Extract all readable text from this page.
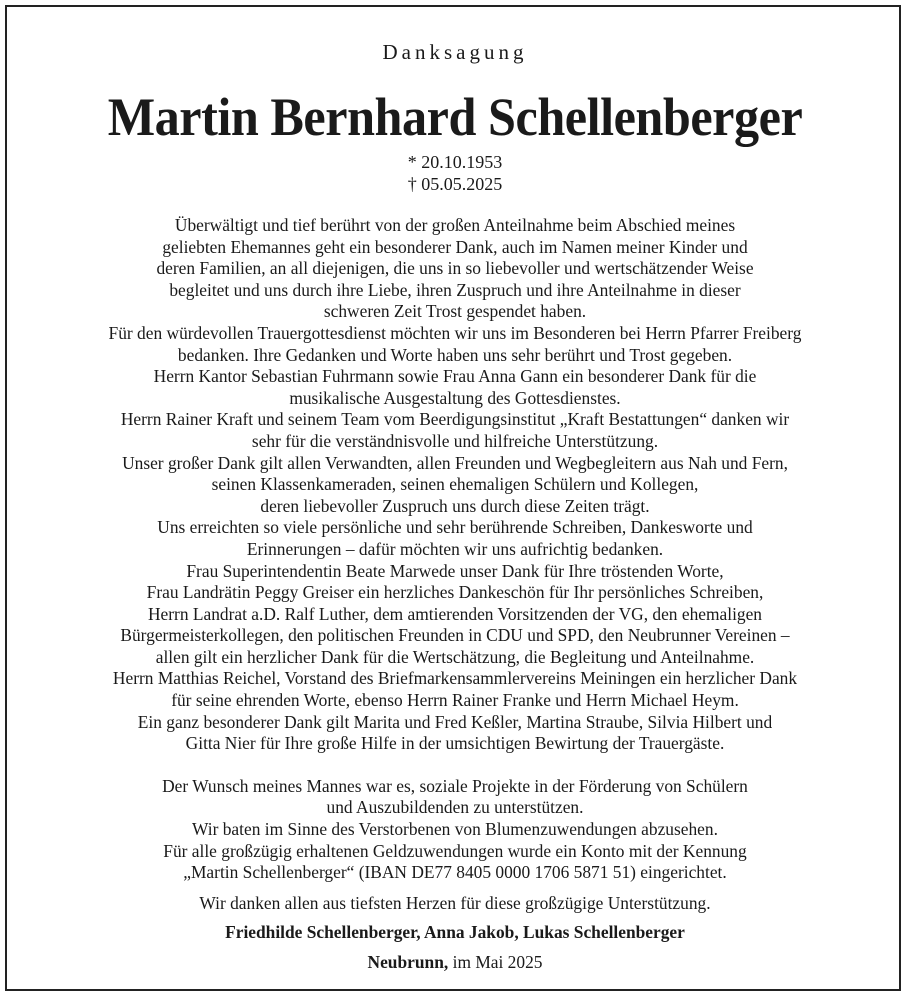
Danksagung
Martin Bernhard Schellenberger
* 20.10.1953
† 05.05.2025
Überwältigt und tief berührt von der großen Anteilnahme beim Abschied meines
geliebten Ehemannes geht ein besonderer Dank, auch im Namen meiner Kinder und
deren Familien, an all diejenigen, die uns in so liebevoller und wertschätzender Weise
begleitet und uns durch ihre Liebe, ihren Zuspruch und ihre Anteilnahme in dieser
schweren Zeit Trost gespendet haben.
Für den würdevollen Trauergottesdienst möchten wir uns im Besonderen bei Herrn Pfarrer Freiberg
bedanken. Ihre Gedanken und Worte haben uns sehr berührt und Trost gegeben.
Herrn Kantor Sebastian Fuhrmann sowie Frau Anna Gann ein besonderer Dank für die
musikalische Ausgestaltung des Gottesdienstes.
Herrn Rainer Kraft und seinem Team vom Beerdigungsinstitut „Kraft Bestattungen“ danken wir
sehr für die verständnisvolle und hilfreiche Unterstützung.
Unser großer Dank gilt allen Verwandten, allen Freunden und Wegbegleitern aus Nah und Fern,
seinen Klassenkameraden, seinen ehemaligen Schülern und Kollegen,
deren liebevoller Zuspruch uns durch diese Zeiten trägt.
Uns erreichten so viele persönliche und sehr berührende Schreiben, Dankesworte und
Erinnerungen – dafür möchten wir uns aufrichtig bedanken.
Frau Superintendentin Beate Marwede unser Dank für Ihre tröstenden Worte,
Frau Landrätin Peggy Greiser ein herzliches Dankeschön für Ihr persönliches Schreiben,
Herrn Landrat a.D. Ralf Luther, dem amtierenden Vorsitzenden der VG, den ehemaligen
Bürgermeisterkollegen, den politischen Freunden in CDU und SPD, den Neubrunner Vereinen –
allen gilt ein herzlicher Dank für die Wertschätzung, die Begleitung und Anteilnahme.
Herrn Matthias Reichel, Vorstand des Briefmarkensammlervereins Meiningen ein herzlicher Dank
für seine ehrenden Worte, ebenso Herrn Rainer Franke und Herrn Michael Heym.
Ein ganz besonderer Dank gilt Marita und Fred Keßler, Martina Straube, Silvia Hilbert und
Gitta Nier für Ihre große Hilfe in der umsichtigen Bewirtung der Trauergäste.
Der Wunsch meines Mannes war es, soziale Projekte in der Förderung von Schülern
und Auszubildenden zu unterstützen.
Wir baten im Sinne des Verstorbenen von Blumenzuwendungen abzusehen.
Für alle großzügig erhaltenen Geldzuwendungen wurde ein Konto mit der Kennung
„Martin Schellenberger“ (IBAN DE77 8405 0000 1706 5871 51) eingerichtet.
Wir danken allen aus tiefsten Herzen für diese großzügige Unterstützung.
Friedhilde Schellenberger, Anna Jakob, Lukas Schellenberger
Neubrunn, im Mai 2025
